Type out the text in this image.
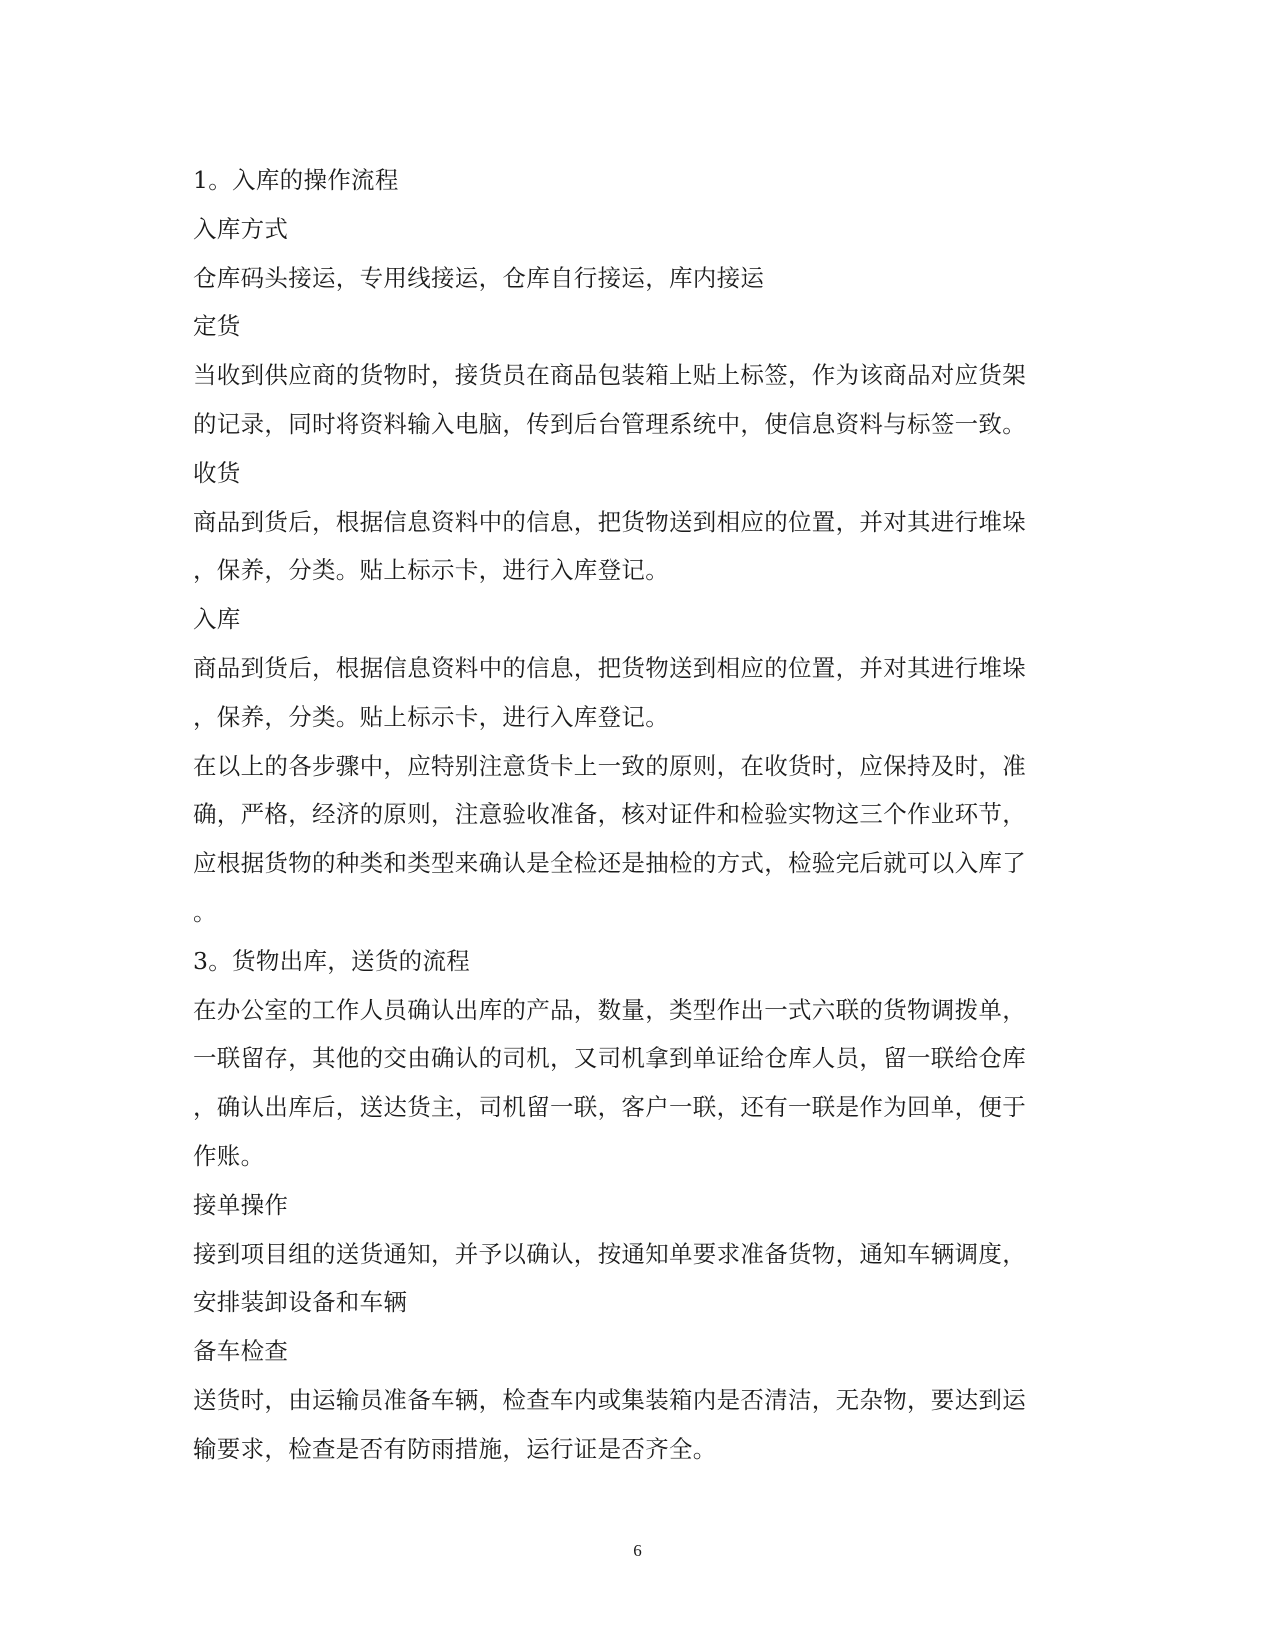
1。入库的操作流程
入库方式
仓库码头接运，专用线接运，仓库自行接运，库内接运
定货
当收到供应商的货物时，接货员在商品包装箱上贴上标签，作为该商品对应货架
的记录，同时将资料输入电脑，传到后台管理系统中，使信息资料与标签一致。
收货
商品到货后，根据信息资料中的信息，把货物送到相应的位置，并对其进行堆垛
，保养，分类。贴上标示卡，进行入库登记。
入库
商品到货后，根据信息资料中的信息，把货物送到相应的位置，并对其进行堆垛
，保养，分类。贴上标示卡，进行入库登记。
在以上的各步骤中，应特别注意货卡上一致的原则，在收货时，应保持及时，准
确，严格，经济的原则，注意验收准备，核对证件和检验实物这三个作业环节，
应根据货物的种类和类型来确认是全检还是抽检的方式，检验完后就可以入库了
。
3。货物出库，送货的流程
在办公室的工作人员确认出库的产品，数量，类型作出一式六联的货物调拨单，
一联留存，其他的交由确认的司机，又司机拿到单证给仓库人员，留一联给仓库
，确认出库后，送达货主，司机留一联，客户一联，还有一联是作为回单，便于
作账。
接单操作
接到项目组的送货通知，并予以确认，按通知单要求准备货物，通知车辆调度，
安排装卸设备和车辆
备车检查
送货时，由运输员准备车辆，检查车内或集装箱内是否清洁，无杂物，要达到运
输要求，检查是否有防雨措施，运行证是否齐全。
6
